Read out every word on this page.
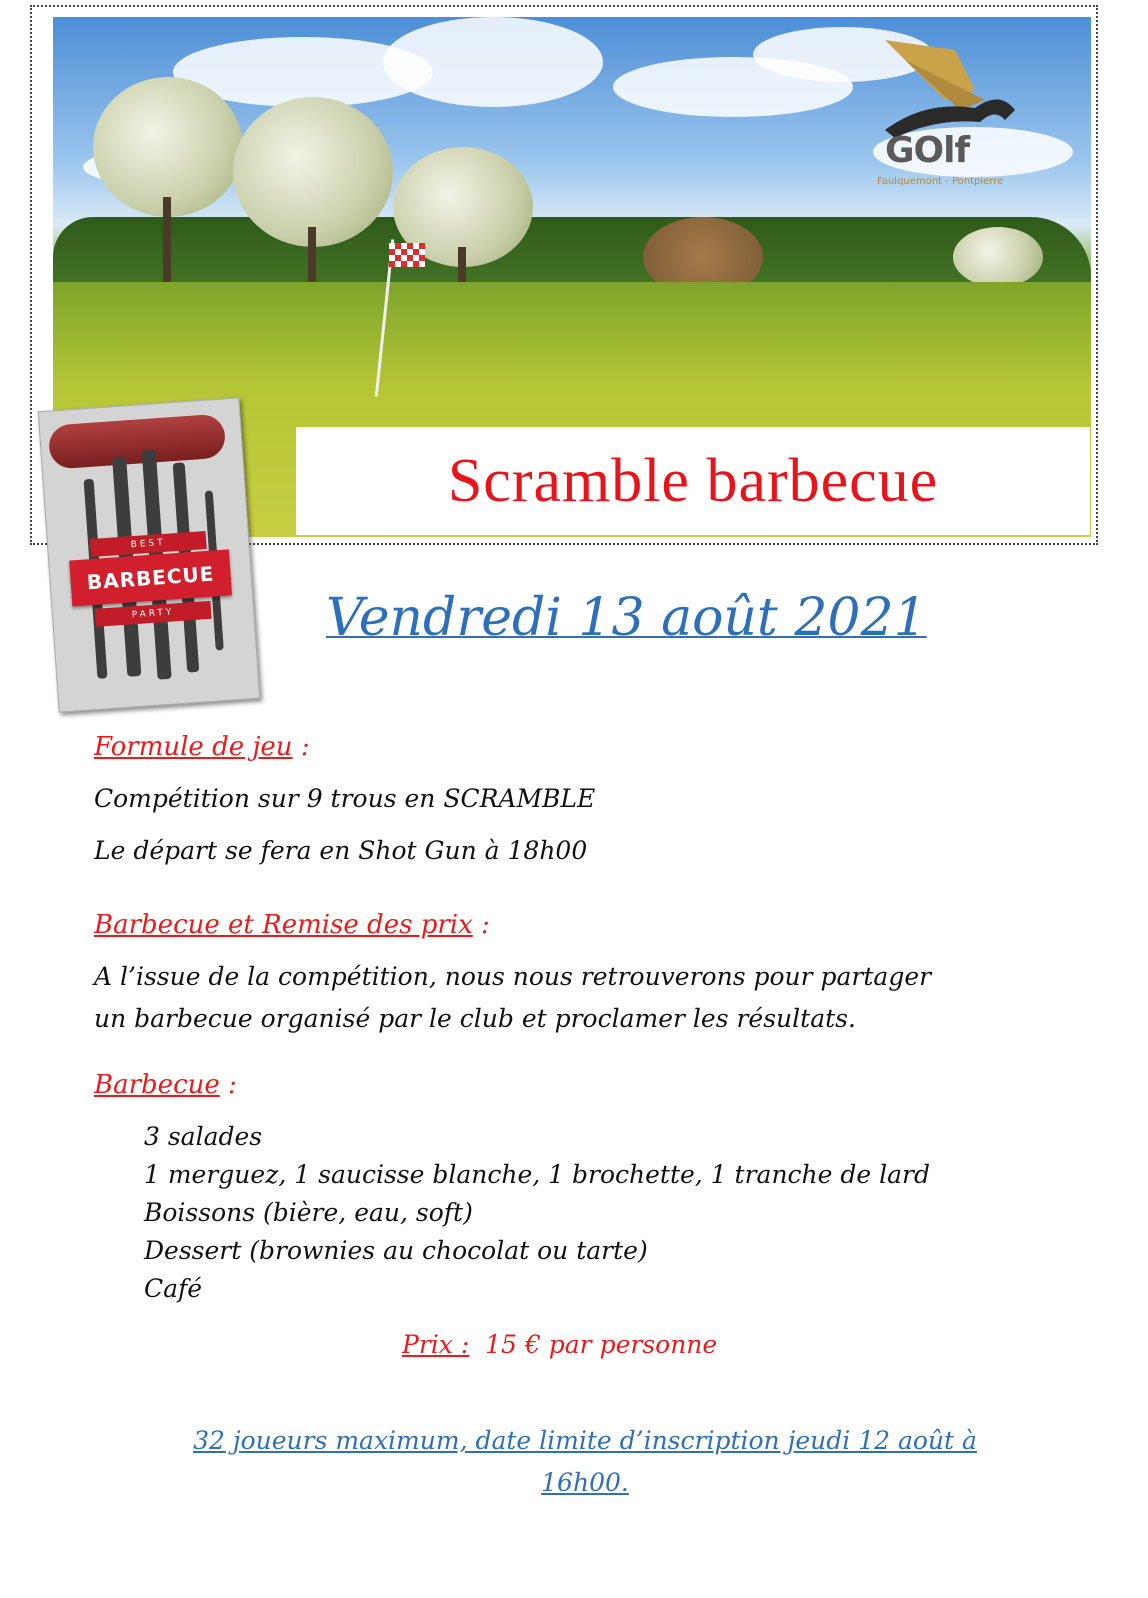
GOlf
Faulquemont - Pontpierre
Scramble barbecue
BEST
BARBECUE
PARTY	Vendredi 13 août 2021
Formule de jeu :
Compétition sur 9 trous en SCRAMBLE
Le départ se fera en Shot Gun à 18h00
Barbecue et Remise des prix :
A l’issue de la compétition, nous nous retrouverons pour partager
un barbecue organisé par le club et proclamer les résultats.
Barbecue :
3 salades
1 merguez, 1 saucisse blanche, 1 brochette, 1 tranche de lard
Boissons (bière, eau, soft)
Dessert (brownies au chocolat ou tarte)
Café
Prix : 15 € par personne
32 joueurs maximum, date limite d’inscription jeudi 12 août à
16h00.
